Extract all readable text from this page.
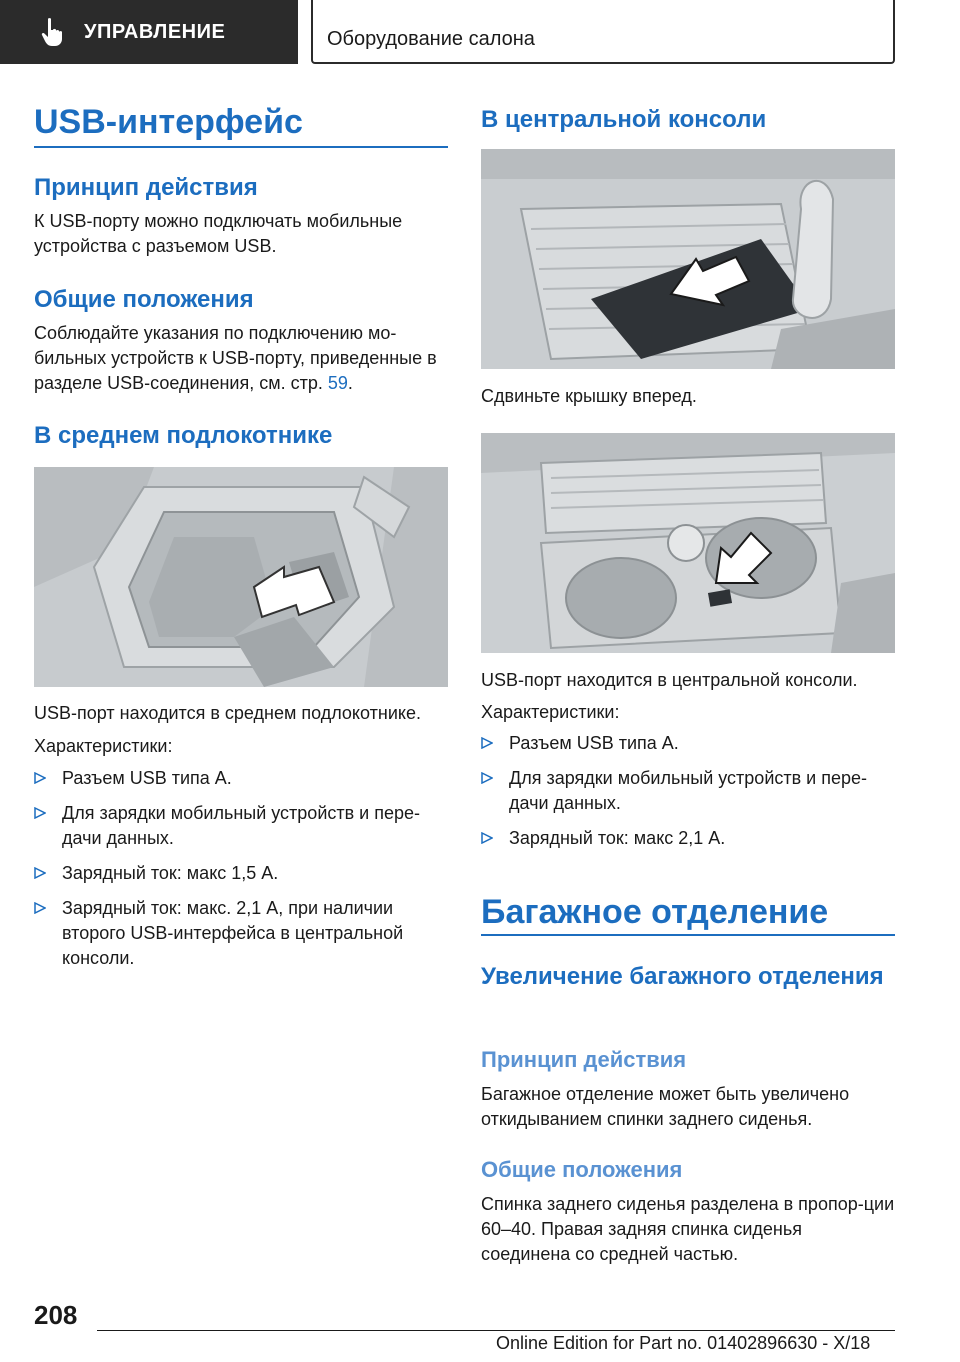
УПРАВЛЕНИЕ	Оборудование салона
USB-интерфейс
Принцип действия
К USB-порту можно подключать мобильные устройства с разъемом USB.
Общие положения
Соблюдайте указания по подключению мо-бильных устройств к USB-порту, приведенные в разделе USB-соединения, см. стр. 59.
В среднем подлокотнике
USB-порт находится в среднем подлокотнике.
Характеристики:
Разъем USB типа A.
Для зарядки мобильный устройств и пере-дачи данных.
Зарядный ток: макс 1,5 A.
Зарядный ток: макс. 2,1 A, при наличии второго USB-интерфейса в центральной консоли.
В центральной консоли
Сдвиньте крышку вперед.
USB-порт находится в центральной консоли.
Характеристики:
Разъем USB типа A.
Для зарядки мобильный устройств и пере-дачи данных.
Зарядный ток: макс 2,1 A.
Багажное отделение
Увеличение багажного отделения
Принцип действия
Багажное отделение может быть увеличено откидыванием спинки заднего сиденья.
Общие положения
Спинка заднего сиденья разделена в пропор-ции 60–40. Правая задняя спинка сиденья соединена со средней частью.
208
Online Edition for Part no. 01402896630 - X/18
